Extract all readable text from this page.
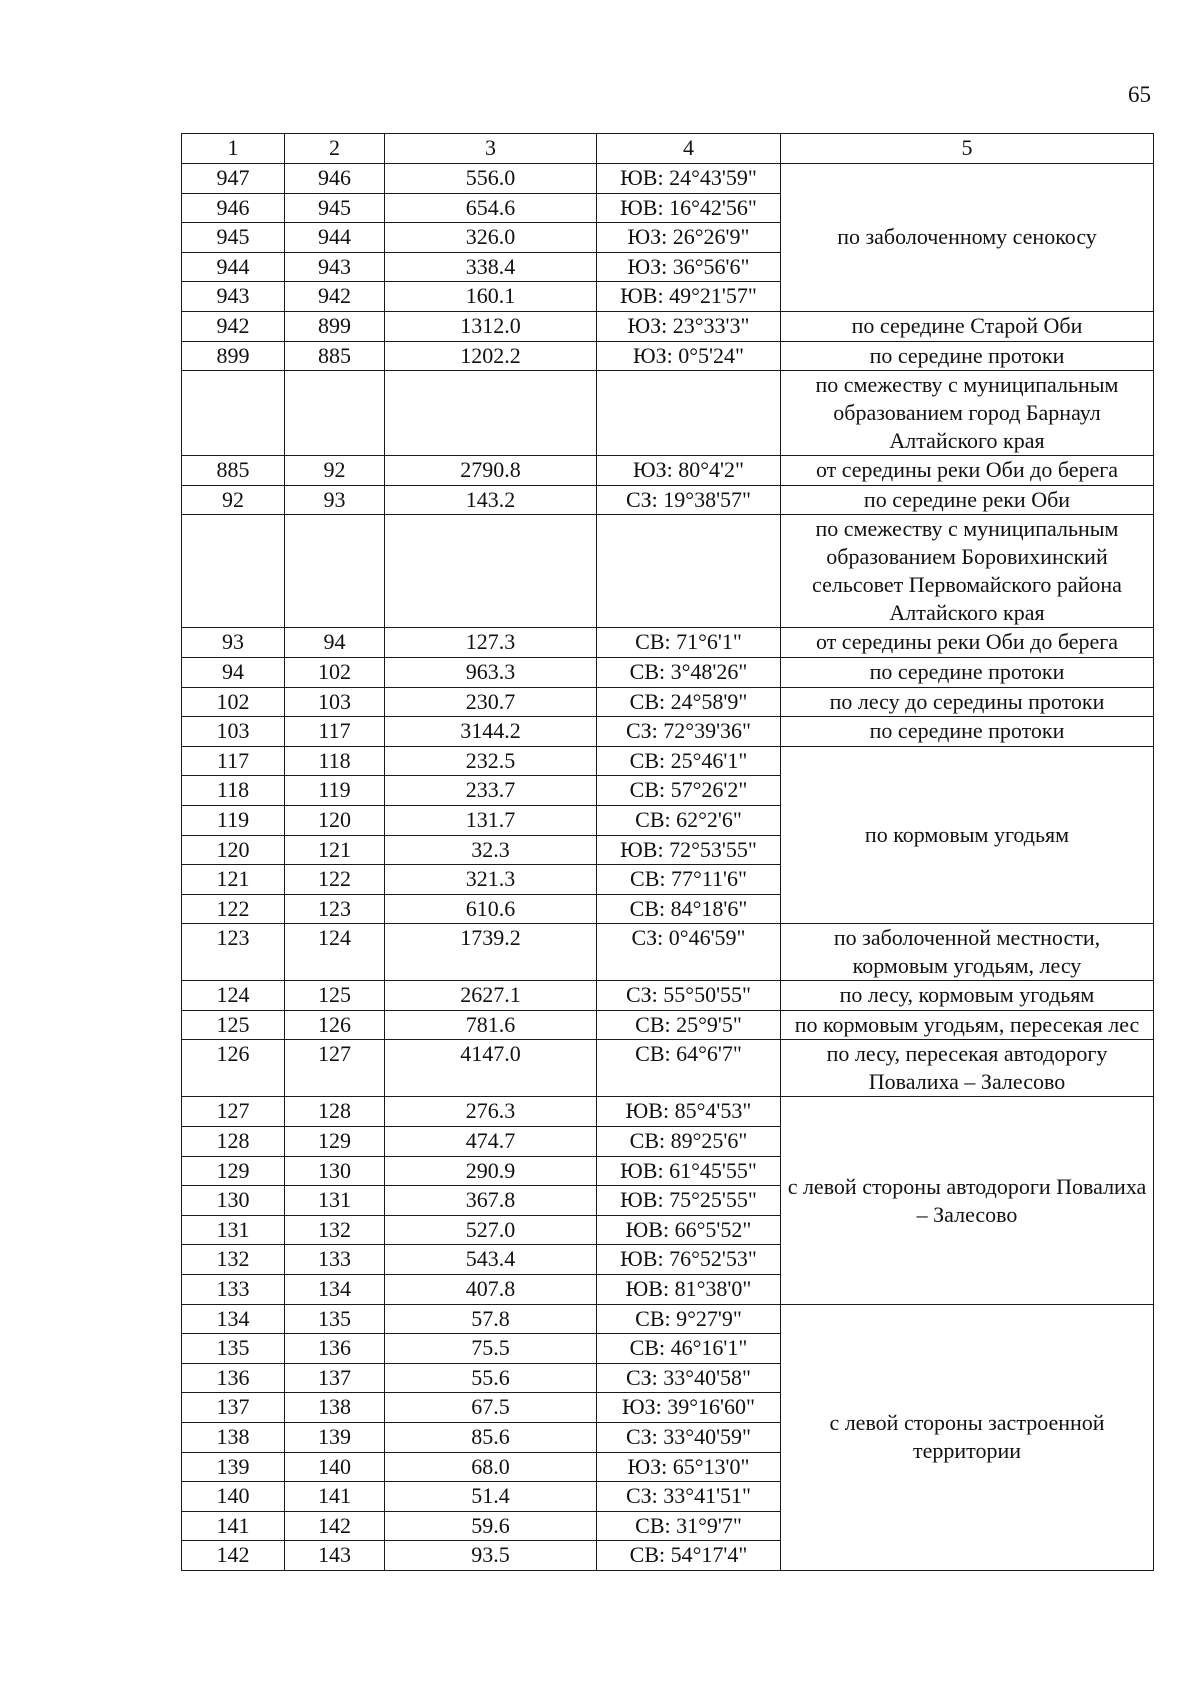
65
1	2	3	4	5
947	946	556.0	ЮВ: 24°43'59"	по заболоченному сенокосу
946	945	654.6	ЮВ: 16°42'56"	
945	944	326.0	ЮЗ: 26°26'9"	
944	943	338.4	ЮЗ: 36°56'6"	
943	942	160.1	ЮВ: 49°21'57"	
942	899	1312.0	ЮЗ: 23°33'3"	по середине Старой Оби
899	885	1202.2	ЮЗ: 0°5'24"	по середине протоки
				по смежеству с муниципальным образованием город Барнаул Алтайского края
885	92	2790.8	ЮЗ: 80°4'2"	от середины реки Оби до берега
92	93	143.2	СЗ: 19°38'57"	по середине реки Оби
				по смежеству с муниципальным образованием Боровихинский сельсовет Первомайского района Алтайского края
93	94	127.3	СВ: 71°6'1"	от середины реки Оби до берега
94	102	963.3	СВ: 3°48'26"	по середине протоки
102	103	230.7	СВ: 24°58'9"	по лесу до середины протоки
103	117	3144.2	СЗ: 72°39'36"	по середине протоки
117	118	232.5	СВ: 25°46'1"	по кормовым угодьям
118	119	233.7	СВ: 57°26'2"	
119	120	131.7	СВ: 62°2'6"	
120	121	32.3	ЮВ: 72°53'55"	
121	122	321.3	СВ: 77°11'6"	
122	123	610.6	СВ: 84°18'6"	
123	124	1739.2	СЗ: 0°46'59"	по заболоченной местности, кормовым угодьям, лесу
124	125	2627.1	СЗ: 55°50'55"	по лесу, кормовым угодьям
125	126	781.6	СВ: 25°9'5"	по кормовым угодьям, пересекая лес
126	127	4147.0	СВ: 64°6'7"	по лесу, пересекая автодорогу Повалиха – Залесово
127	128	276.3	ЮВ: 85°4'53"	с левой стороны автодороги Повалиха – Залесово
128	129	474.7	СВ: 89°25'6"	
129	130	290.9	ЮВ: 61°45'55"	
130	131	367.8	ЮВ: 75°25'55"	
131	132	527.0	ЮВ: 66°5'52"	
132	133	543.4	ЮВ: 76°52'53"	
133	134	407.8	ЮВ: 81°38'0"	
134	135	57.8	СВ: 9°27'9"	с левой стороны застроенной территории
135	136	75.5	СВ: 46°16'1"	
136	137	55.6	СЗ: 33°40'58"	
137	138	67.5	ЮЗ: 39°16'60"	
138	139	85.6	СЗ: 33°40'59"	
139	140	68.0	ЮЗ: 65°13'0"	
140	141	51.4	СЗ: 33°41'51"	
141	142	59.6	СВ: 31°9'7"	
142	143	93.5	СВ: 54°17'4"	
